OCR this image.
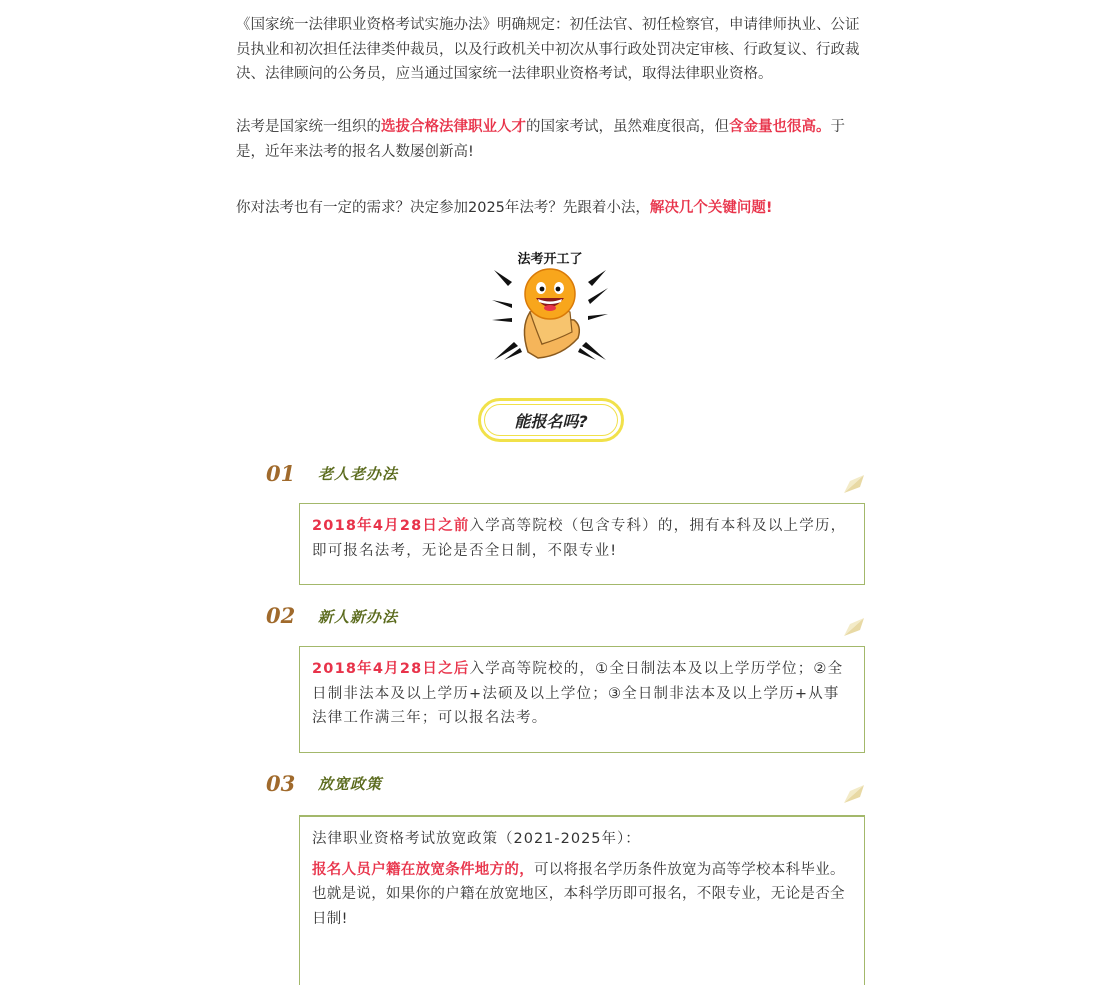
《国家统一法律职业资格考试实施办法》明确规定：初任法官、初任检察官，申请律师执业、公证员执业和初次担任法律类仲裁员，以及行政机关中初次从事行政处罚决定审核、行政复议、行政裁决、法律顾问的公务员，应当通过国家统一法律职业资格考试，取得法律职业资格。

法考是国家统一组织的选拔合格法律职业人才的国家考试，虽然难度很高，但含金量也很高。于是，近年来法考的报名人数屡创新高!

你对法考也有一定的需求？决定参加2025年法考？先跟着小法，解决几个关键问题!

法考开工了
能报名吗?
01 老人老办法
2018年4月28日之前入学高等院校（包含专科）的，拥有本科及以上学历，即可报名法考，无论是否全日制，不限专业!
02 新人新办法
2018年4月28日之后入学高等院校的，①全日制法本及以上学历学位；②全日制非法本及以上学历+法硕及以上学位；③全日制非法本及以上学历+从事法律工作满三年；可以报名法考。
03 放宽政策
法律职业资格考试放宽政策（2021-2025年）：
报名人员户籍在放宽条件地方的，可以将报名学历条件放宽为高等学校本科毕业。也就是说，如果你的户籍在放宽地区，本科学历即可报名，不限专业，无论是否全日制!
